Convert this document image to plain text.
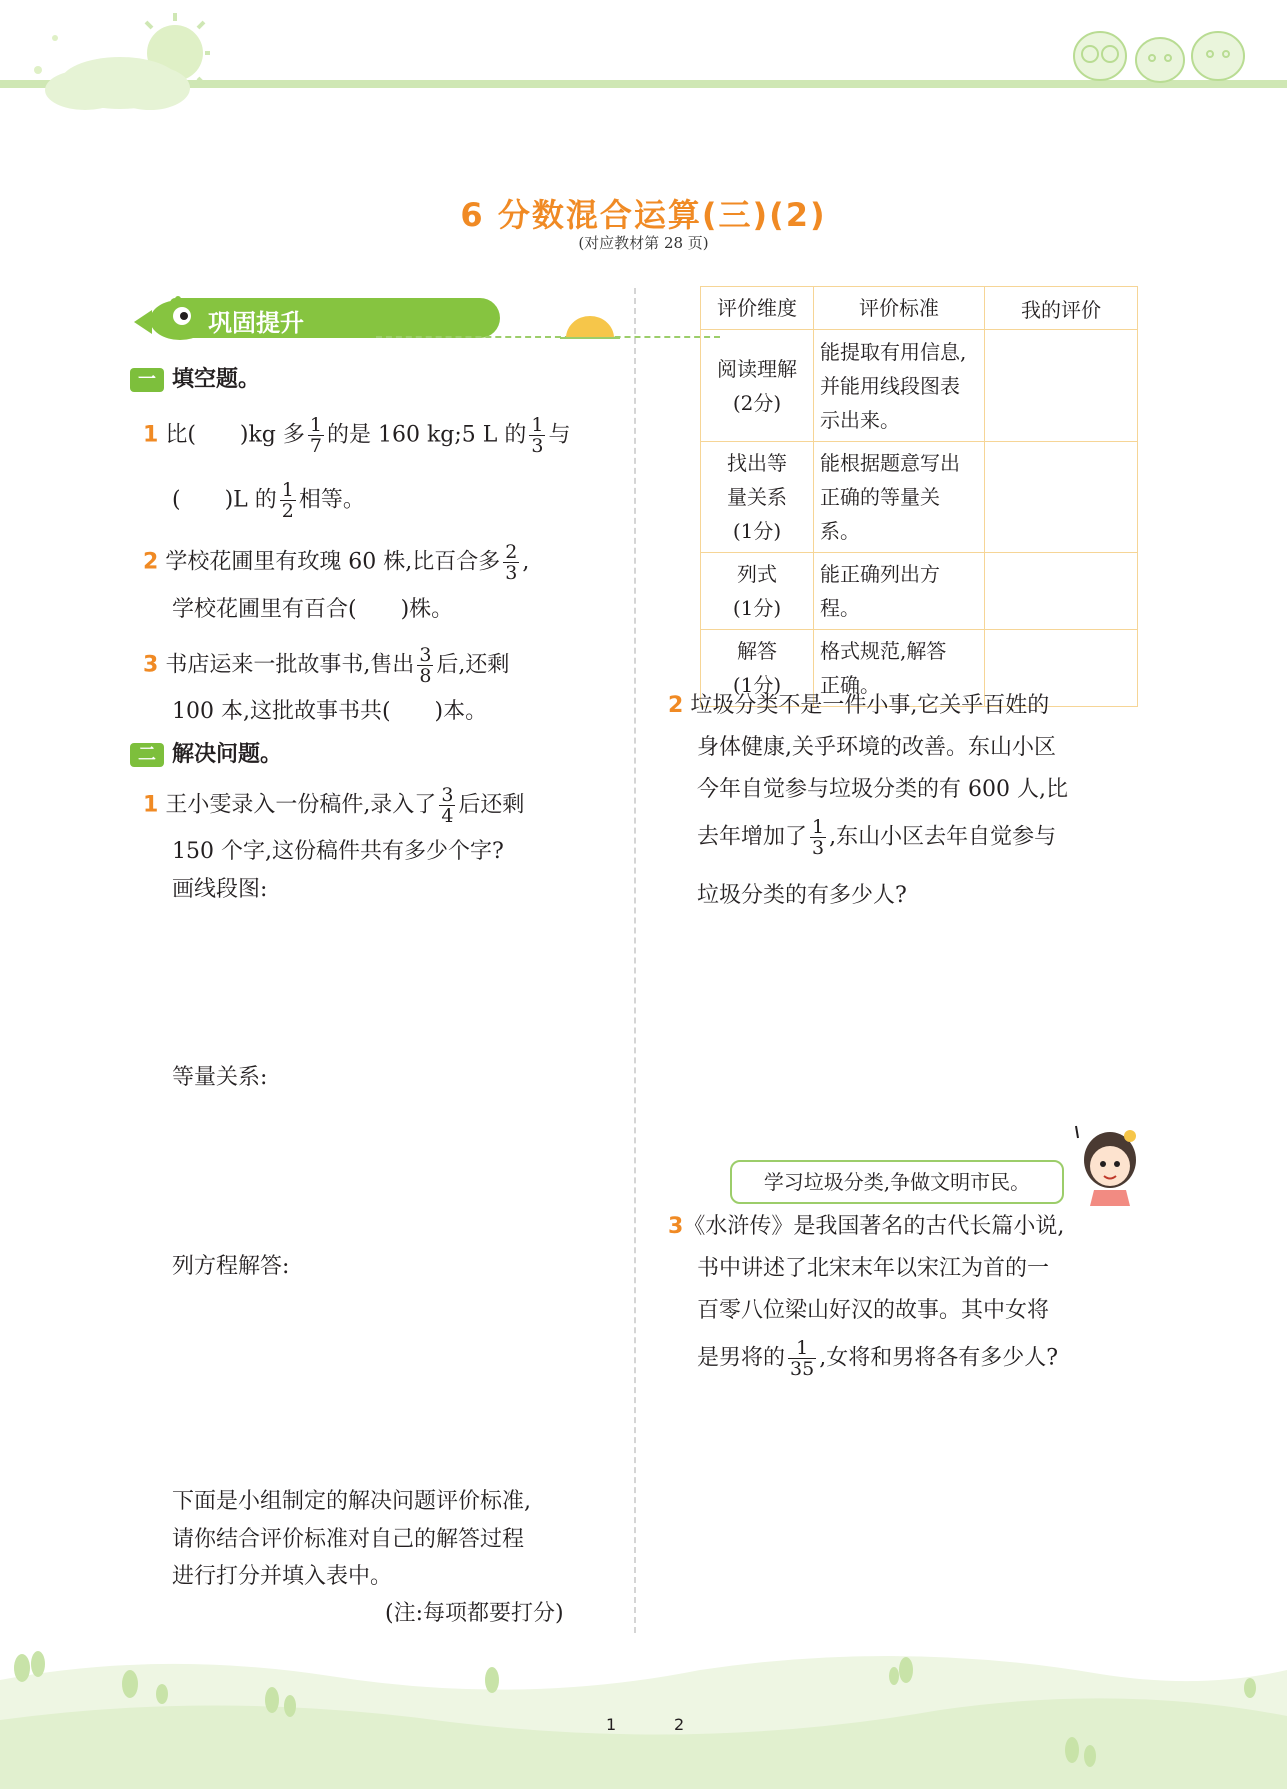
6 分数混合运算(三)(2)
(对应教材第 28 页)
巩固提升
一 填空题。
1 比(　　)kg 多 $\frac{1}{7}$ 的是 160 kg;5 L 的 $\frac{1}{3}$ 与
(　　)L 的 $\frac{1}{2}$ 相等。
2 学校花圃里有玫瑰 60 株,比百合多 $\frac{2}{3}$ ,
学校花圃里有百合(　　)株。
3 书店运来一批故事书,售出 $\frac{3}{8}$ 后,还剩
100 本,这批故事书共(　　)本。
二 解决问题。
1 王小雯录入一份稿件,录入了 $\frac{3}{4}$ 后还剩
150 个字,这份稿件共有多少个字?
画线段图:
等量关系:
列方程解答:
下面是小组制定的解决问题评价标准,
请你结合评价标准对自己的解答过程
进行打分并填入表中。
(注:每项都要打分)
评价维度	评价标准	我的评价
阅读理解
(2分)	能提取有用信息,
并能用线段图表
示出来。	
找出等
量关系
(1分)	能根据题意写出
正确的等量关系。	
列式
(1分)	能正确列出方程。	
解答
(1分)	格式规范,解答
正确。	
2 垃圾分类不是一件小事,它关乎百姓的
身体健康,关乎环境的改善。东山小区
今年自觉参与垃圾分类的有 600 人,比
去年增加了 $\frac{1}{3}$ ,东山小区去年自觉参与
垃圾分类的有多少人?
学习垃圾分类,争做文明市民。
3《水浒传》是我国著名的古代长篇小说,
书中讲述了北宋末年以宋江为首的一
百零八位梁山好汉的故事。其中女将
是男将的 $\frac{1}{35}$ ,女将和男将各有多少人?
1	2
